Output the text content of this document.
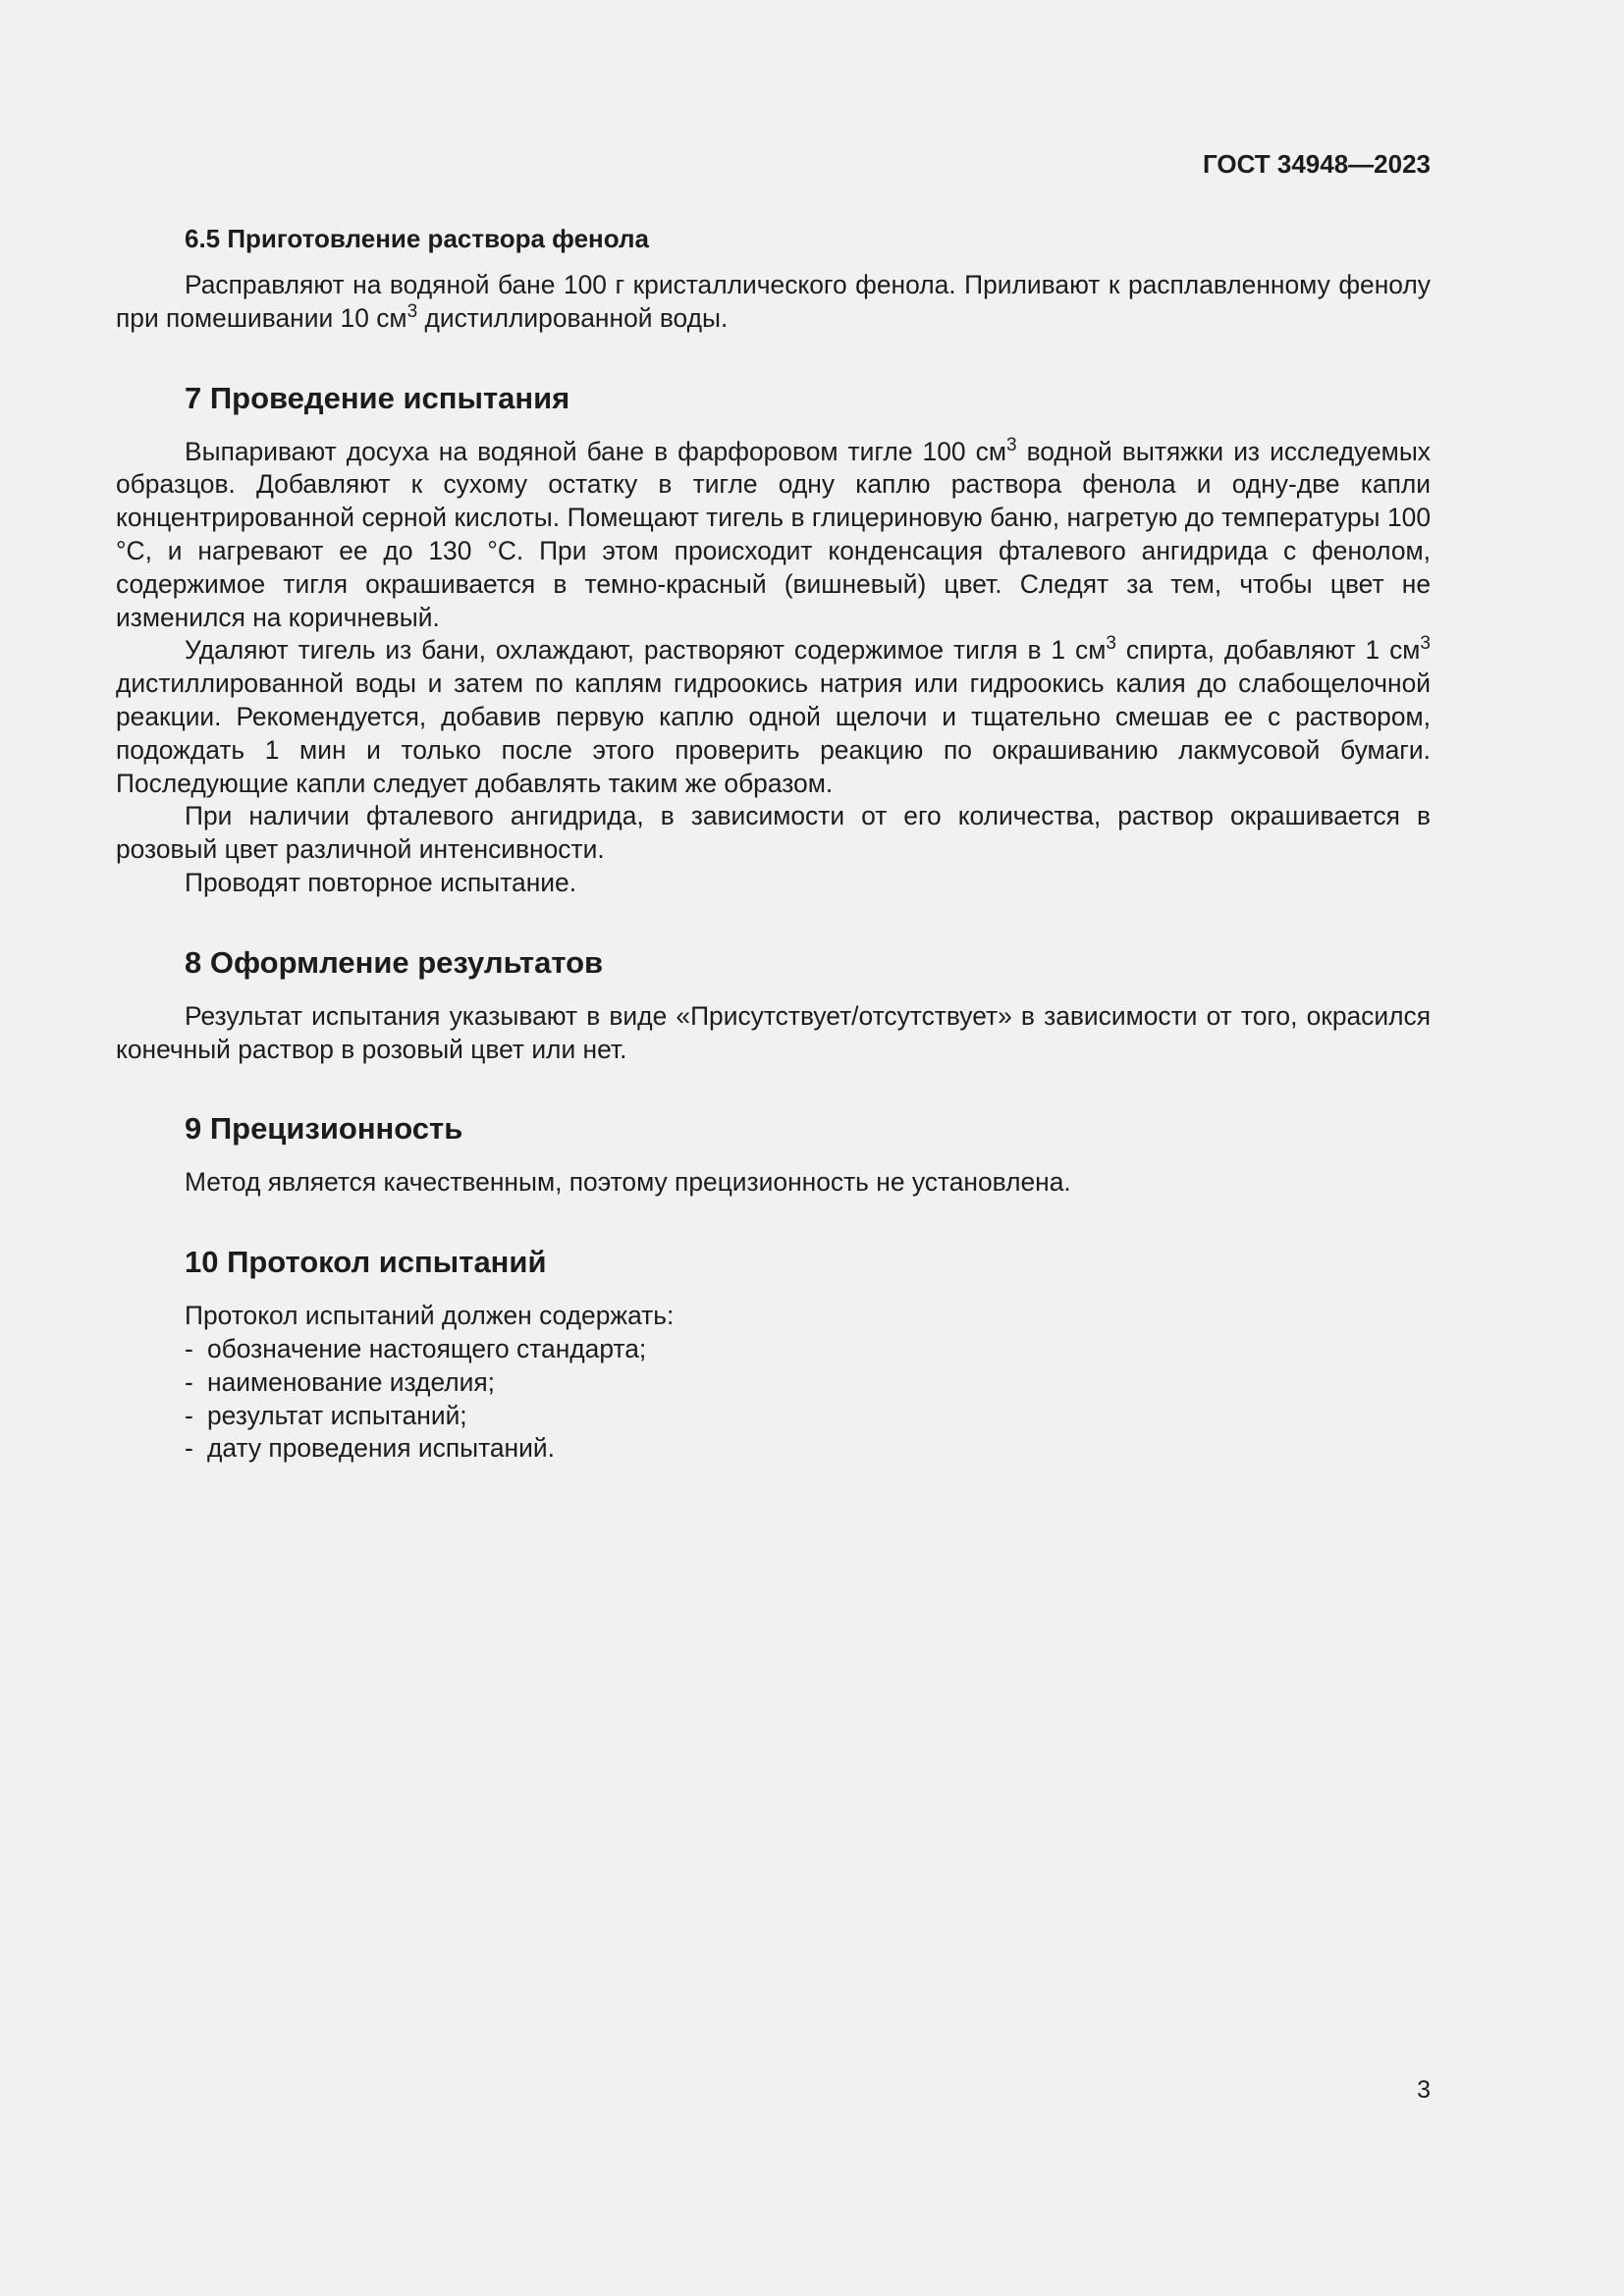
ГОСТ 34948—2023
6.5 Приготовление раствора фенола

Расправляют на водяной бане 100 г кристаллического фенола. Приливают к расплавленному фенолу при помешивании 10 $см^3$ дистиллированной воды.

7 Проведение испытания

Выпаривают досуха на водяной бане в фарфоровом тигле 100 $см^3$ водной вытяжки из исследуемых образцов. Добавляют к сухому остатку в тигле одну каплю раствора фенола и одну-две капли концентрированной серной кислоты. Помещают тигель в глицериновую баню, нагретую до температуры 100 °C, и нагревают ее до 130 °C. При этом происходит конденсация фталевого ангидрида с фенолом, содержимое тигля окрашивается в темно-красный (вишневый) цвет. Следят за тем, чтобы цвет не изменился на коричневый.

Удаляют тигель из бани, охлаждают, растворяют содержимое тигля в 1 $см^3$ спирта, добавляют 1 $см^3$ дистиллированной воды и затем по каплям гидроокись натрия или гидроокись калия до слабощелочной реакции. Рекомендуется, добавив первую каплю одной щелочи и тщательно смешав ее с раствором, подождать 1 мин и только после этого проверить реакцию по окрашиванию лакмусовой бумаги. Последующие капли следует добавлять таким же образом.

При наличии фталевого ангидрида, в зависимости от его количества, раствор окрашивается в розовый цвет различной интенсивности.

Проводят повторное испытание.

8 Оформление результатов

Результат испытания указывают в виде «Присутствует/отсутствует» в зависимости от того, окрасился конечный раствор в розовый цвет или нет.

9 Прецизионность

Метод является качественным, поэтому прецизионность не установлена.

10 Протокол испытаний

Протокол испытаний должен содержать:

- обозначение настоящего стандарта;
- наименование изделия;
- результат испытаний;
- дату проведения испытаний.
3
